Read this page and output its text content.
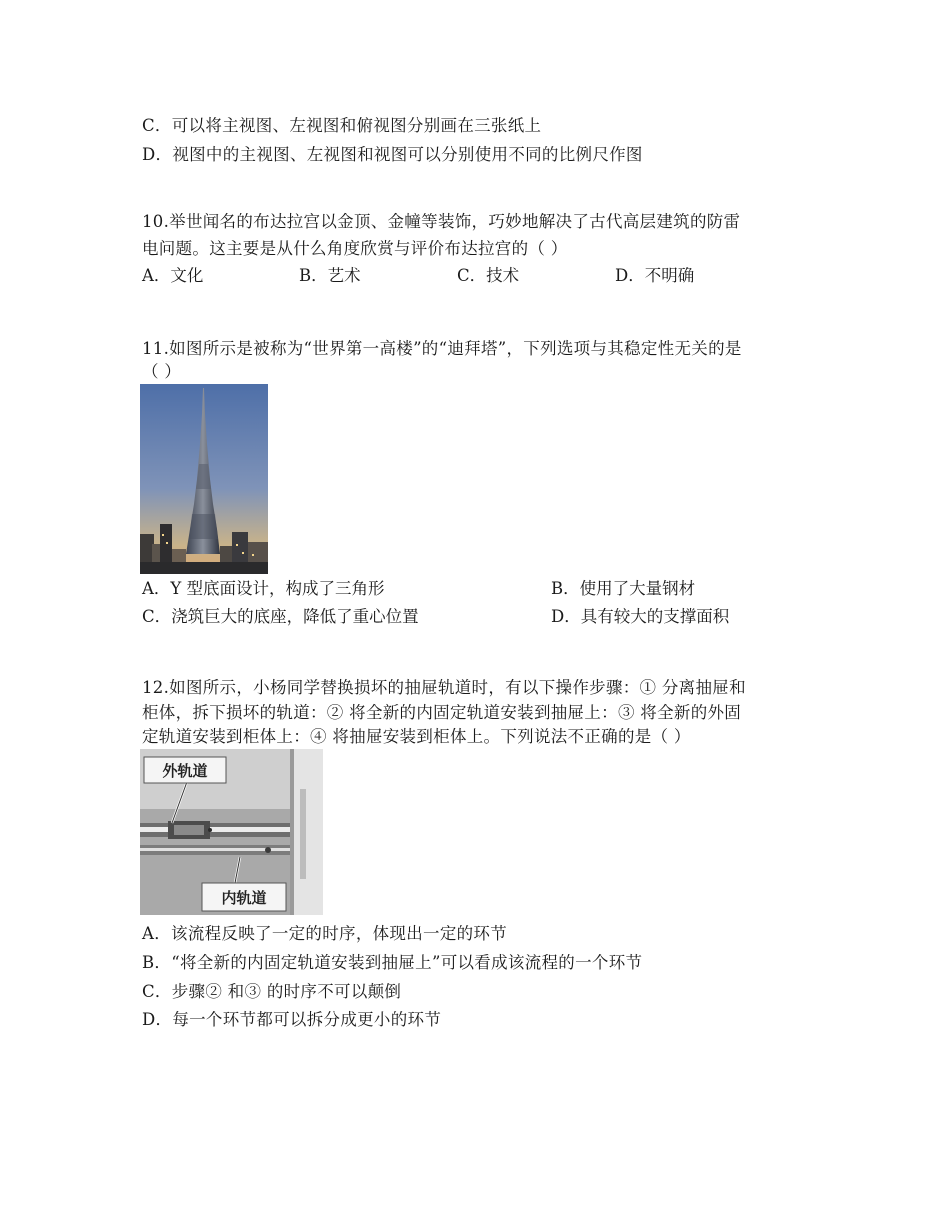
C．可以将主视图、左视图和俯视图分别画在三张纸上
D．视图中的主视图、左视图和视图可以分别使用不同的比例尺作图
10.举世闻名的布达拉宫以金顶、金幢等装饰，巧妙地解决了古代高层建筑的防雷
电问题。这主要是从什么角度欣赏与评价布达拉宫的（ ）
A．文化	B．艺术	C．技术	D．不明确
11.如图所示是被称为“世界第一高楼”的“迪拜塔”，下列选项与其稳定性无关的是
（ ）
A．Y 型底面设计，构成了三角形	B．使用了大量钢材
C．浇筑巨大的底座，降低了重心位置	D．具有较大的支撑面积
12.如图所示，小杨同学替换损坏的抽屉轨道时，有以下操作步骤：① 分离抽屉和
柜体，拆下损坏的轨道：② 将全新的内固定轨道安装到抽屉上：③ 将全新的外固
定轨道安装到柜体上：④ 将抽屉安装到柜体上。下列说法不正确的是（ ）
外轨道
内轨道
A．该流程反映了一定的时序，体现出一定的环节
B．“将全新的内固定轨道安装到抽屉上”可以看成该流程的一个环节
C．步骤② 和③ 的时序不可以颠倒
D．每一个环节都可以拆分成更小的环节
